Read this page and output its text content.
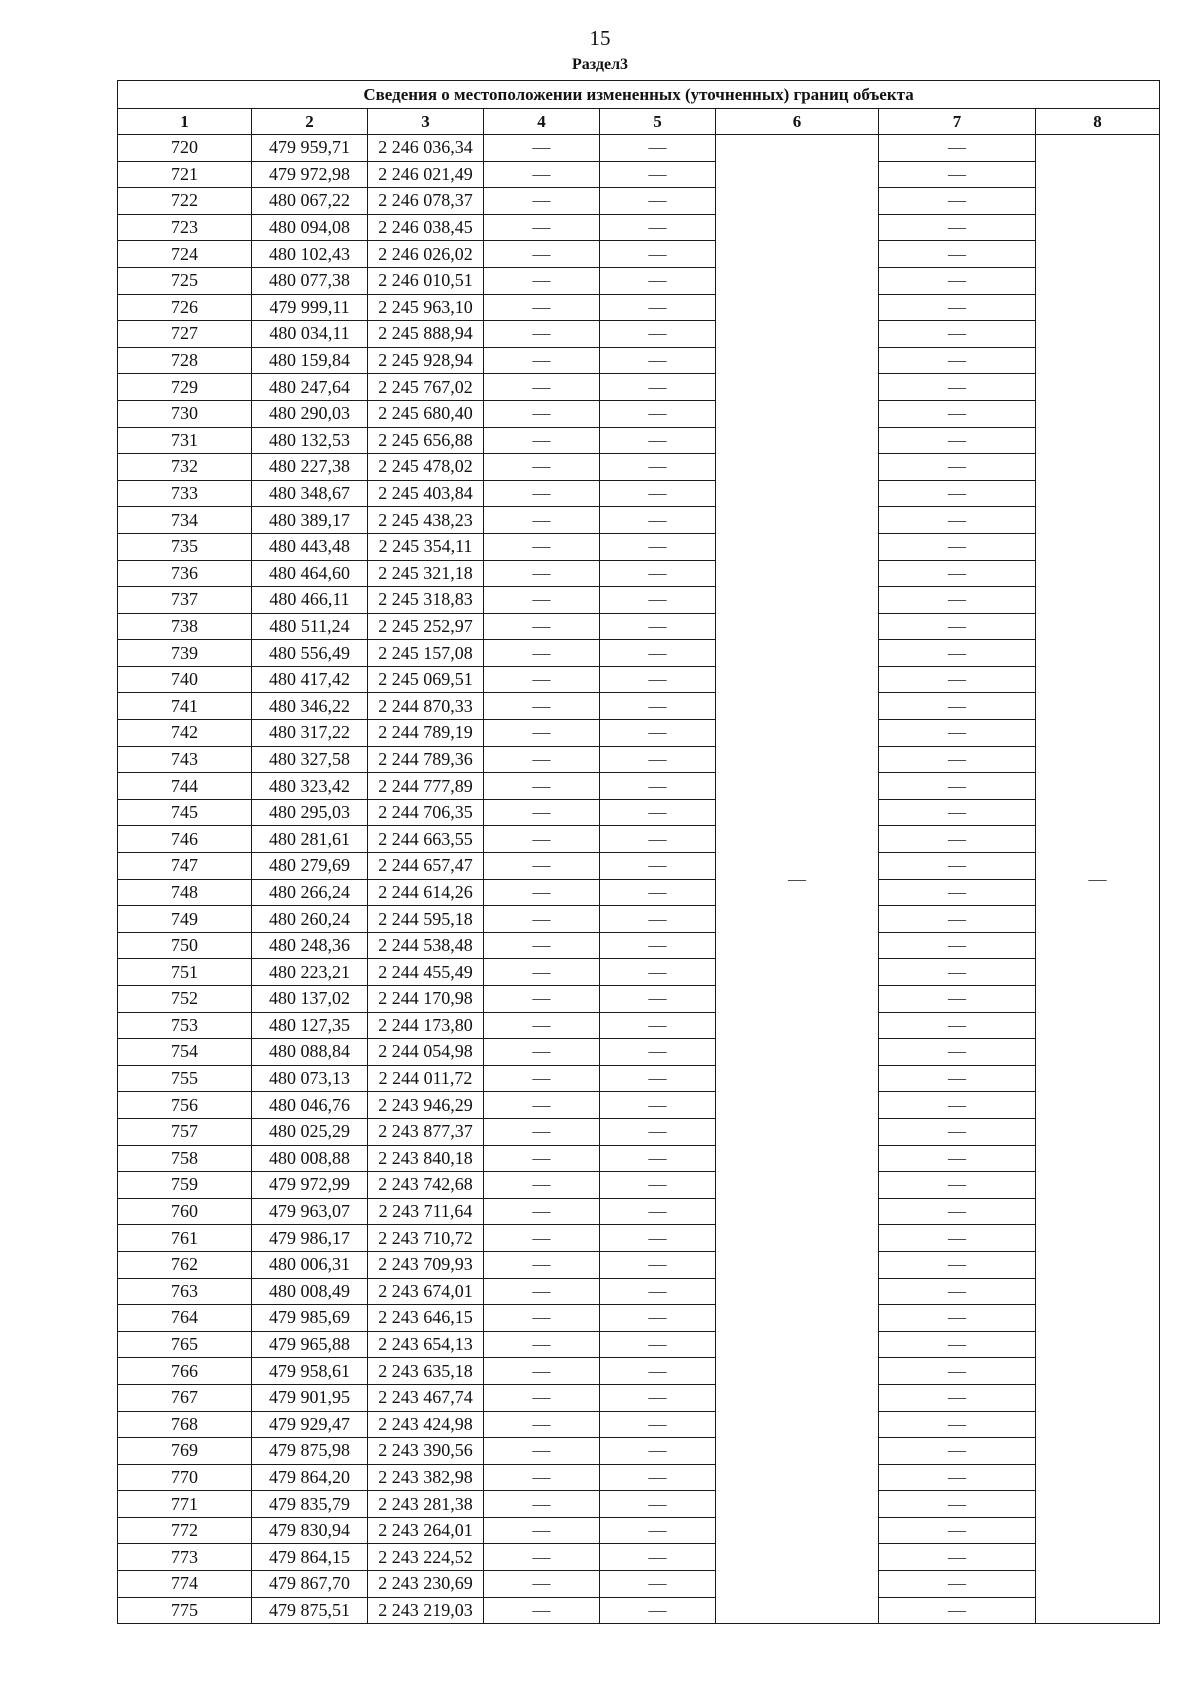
15
Раздел3
Сведения о местоположении измененных (уточненных) границ объекта							
1	2	3	4	5	6	7	8
720	479 959,71	2 246 036,34	—	—	—	—	—
721	479 972,98	2 246 021,49	—	—		—	
722	480 067,22	2 246 078,37	—	—		—	
723	480 094,08	2 246 038,45	—	—		—	
724	480 102,43	2 246 026,02	—	—		—	
725	480 077,38	2 246 010,51	—	—		—	
726	479 999,11	2 245 963,10	—	—		—	
727	480 034,11	2 245 888,94	—	—		—	
728	480 159,84	2 245 928,94	—	—		—	
729	480 247,64	2 245 767,02	—	—		—	
730	480 290,03	2 245 680,40	—	—		—	
731	480 132,53	2 245 656,88	—	—		—	
732	480 227,38	2 245 478,02	—	—		—	
733	480 348,67	2 245 403,84	—	—		—	
734	480 389,17	2 245 438,23	—	—		—	
735	480 443,48	2 245 354,11	—	—		—	
736	480 464,60	2 245 321,18	—	—		—	
737	480 466,11	2 245 318,83	—	—		—	
738	480 511,24	2 245 252,97	—	—		—	
739	480 556,49	2 245 157,08	—	—		—	
740	480 417,42	2 245 069,51	—	—		—	
741	480 346,22	2 244 870,33	—	—		—	
742	480 317,22	2 244 789,19	—	—		—	
743	480 327,58	2 244 789,36	—	—		—	
744	480 323,42	2 244 777,89	—	—		—	
745	480 295,03	2 244 706,35	—	—		—	
746	480 281,61	2 244 663,55	—	—		—	
747	480 279,69	2 244 657,47	—	—		—	
748	480 266,24	2 244 614,26	—	—		—	
749	480 260,24	2 244 595,18	—	—		—	
750	480 248,36	2 244 538,48	—	—		—	
751	480 223,21	2 244 455,49	—	—		—	
752	480 137,02	2 244 170,98	—	—		—	
753	480 127,35	2 244 173,80	—	—		—	
754	480 088,84	2 244 054,98	—	—		—	
755	480 073,13	2 244 011,72	—	—		—	
756	480 046,76	2 243 946,29	—	—		—	
757	480 025,29	2 243 877,37	—	—		—	
758	480 008,88	2 243 840,18	—	—		—	
759	479 972,99	2 243 742,68	—	—		—	
760	479 963,07	2 243 711,64	—	—		—	
761	479 986,17	2 243 710,72	—	—		—	
762	480 006,31	2 243 709,93	—	—		—	
763	480 008,49	2 243 674,01	—	—		—	
764	479 985,69	2 243 646,15	—	—		—	
765	479 965,88	2 243 654,13	—	—		—	
766	479 958,61	2 243 635,18	—	—		—	
767	479 901,95	2 243 467,74	—	—		—	
768	479 929,47	2 243 424,98	—	—		—	
769	479 875,98	2 243 390,56	—	—		—	
770	479 864,20	2 243 382,98	—	—		—	
771	479 835,79	2 243 281,38	—	—		—	
772	479 830,94	2 243 264,01	—	—		—	
773	479 864,15	2 243 224,52	—	—		—	
774	479 867,70	2 243 230,69	—	—		—	
775	479 875,51	2 243 219,03	—	—		—	
